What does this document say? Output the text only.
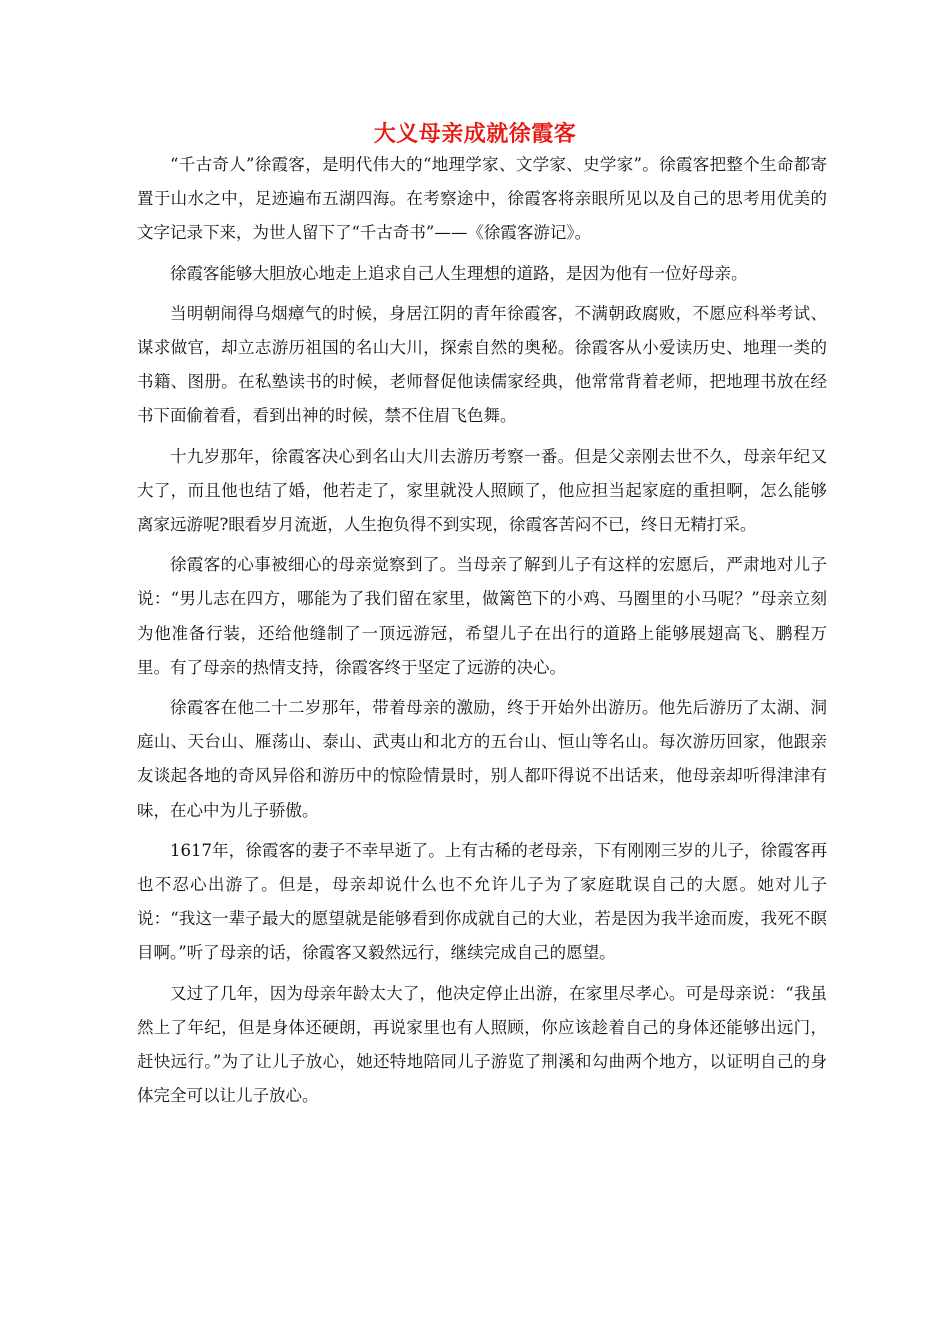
大义母亲成就徐霞客

“千古奇人”徐霞客，是明代伟大的“地理学家、文学家、史学家”。徐霞客把整个生命都寄置于山水之中，足迹遍布五湖四海。在考察途中，徐霞客将亲眼所见以及自己的思考用优美的文字记录下来，为世人留下了“千古奇书”——《徐霞客游记》。

徐霞客能够大胆放心地走上追求自己人生理想的道路，是因为他有一位好母亲。

当明朝闹得乌烟瘴气的时候，身居江阴的青年徐霞客，不满朝政腐败，不愿应科举考试、谋求做官，却立志游历祖国的名山大川，探索自然的奥秘。徐霞客从小爱读历史、地理一类的书籍、图册。在私塾读书的时候，老师督促他读儒家经典，他常常背着老师，把地理书放在经书下面偷着看，看到出神的时候，禁不住眉飞色舞。

十九岁那年，徐霞客决心到名山大川去游历考察一番。但是父亲刚去世不久，母亲年纪又大了，而且他也结了婚，他若走了，家里就没人照顾了，他应担当起家庭的重担啊，怎么能够离家远游呢?眼看岁月流逝，人生抱负得不到实现，徐霞客苦闷不已，终日无精打采。

徐霞客的心事被细心的母亲觉察到了。当母亲了解到儿子有这样的宏愿后，严肃地对儿子说：“男儿志在四方，哪能为了我们留在家里，做篱笆下的小鸡、马圈里的小马呢？”母亲立刻为他准备行装，还给他缝制了一顶远游冠，希望儿子在出行的道路上能够展翅高飞、鹏程万里。有了母亲的热情支持，徐霞客终于坚定了远游的决心。

徐霞客在他二十二岁那年，带着母亲的激励，终于开始外出游历。他先后游历了太湖、洞庭山、天台山、雁荡山、泰山、武夷山和北方的五台山、恒山等名山。每次游历回家，他跟亲友谈起各地的奇风异俗和游历中的惊险情景时，别人都吓得说不出话来，他母亲却听得津津有味，在心中为儿子骄傲。

1617年，徐霞客的妻子不幸早逝了。上有古稀的老母亲，下有刚刚三岁的儿子，徐霞客再也不忍心出游了。但是，母亲却说什么也不允许儿子为了家庭耽误自己的大愿。她对儿子说：“我这一辈子最大的愿望就是能够看到你成就自己的大业，若是因为我半途而废，我死不瞑目啊。”听了母亲的话，徐霞客又毅然远行，继续完成自己的愿望。

又过了几年，因为母亲年龄太大了，他决定停止出游，在家里尽孝心。可是母亲说：“我虽然上了年纪，但是身体还硬朗，再说家里也有人照顾，你应该趁着自己的身体还能够出远门，赶快远行。”为了让儿子放心，她还特地陪同儿子游览了荆溪和勾曲两个地方，以证明自己的身体完全可以让儿子放心。
